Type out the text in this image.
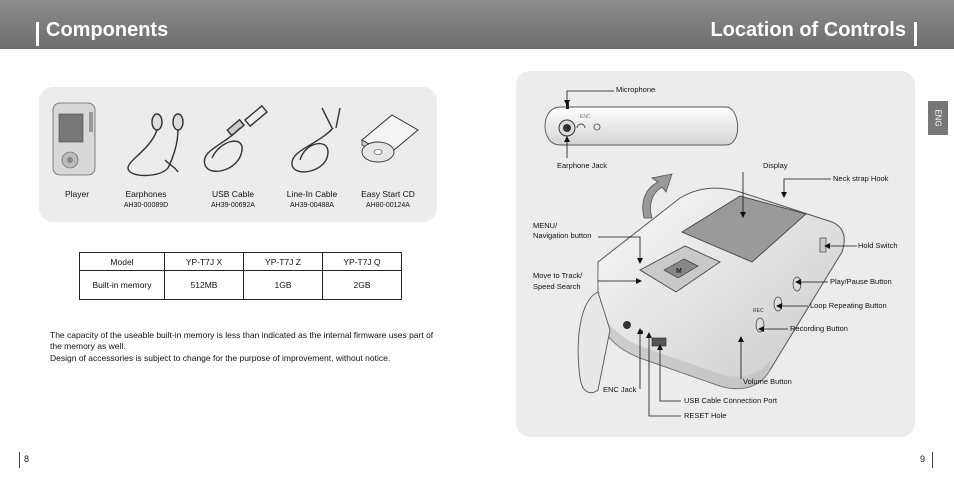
Components	Location of Controls
ENG
ENC
M
REC
Player	Earphones
AH30-00089D
USB Cable
AH39-00692A
Line-In Cable
AH39-00488A
Easy Start CD
AH80-00124A
Model	YP-T7J X	YP-T7J Z	YP-T7J Q
Built-in memory	512MB	1GB	2GB
The capacity of the useable built-in memory is less than indicated as the internal firmware uses part of the memory as well.
Design of accessories is subject to change for the purpose of improvement, without notice.
Microphone
Earphone Jack	Display
Neck strap Hook
MENU/
Navigation button
Hold Switch
Move to Track/
Speed Search
Play/Pause Button
Loop Repeating Button
Recording Button
Volume Button
ENC Jack
USB Cable Connection Port
RESET Hole
8	9
